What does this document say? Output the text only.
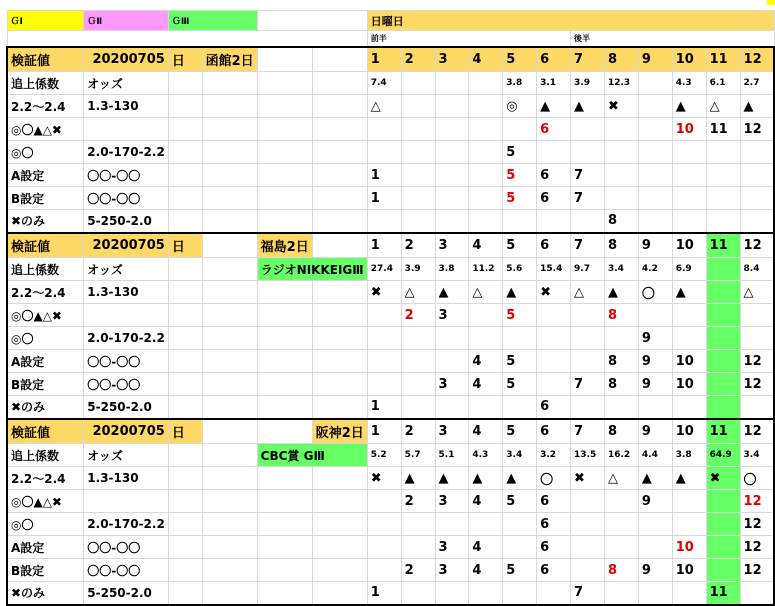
ＧⅠ	ＧⅡ	ＧⅢ				日曜日											
						前半						後半					
検証値	20200705	日	函館2日			1	2	3	4	5	6	7	8	9	10	11	12
追上係数	オッズ					7.4				3.8	3.1	3.9	12.3		4.3	6.1	2.7
2.2～2.4	1.3-130					△				◎	▲	▲	✖		▲	△	▲
◎〇▲△✖											6				10	11	12
◎〇	2.0-170-2.2									5							
A設定	〇〇-〇〇					1				5	6	7					
B設定	〇〇-〇〇					1				5	6	7					
✖のみ	5-250-2.0												8				
検証値	20200705	日		福島2日		1	2	3	4	5	6	7	8	9	10	11	12
追上係数	オッズ			ラジオNIKKEIGⅢ		27.4	3.9	3.8	11.2	5.6	15.4	9.7	3.4	4.2	6.9		8.4
2.2～2.4	1.3-130					✖	△	▲	△	▲	✖	△	▲	〇	▲		△
◎〇▲△✖							2	3		5			8				
◎〇	2.0-170-2.2													9			
A設定	〇〇-〇〇								4	5			8	9	10		12
B設定	〇〇-〇〇							3	4	5		7	8	9	10		12
✖のみ	5-250-2.0					1					6						
検証値	20200705	日			阪神2日	1	2	3	4	5	6	7	8	9	10	11	12
追上係数	オッズ			CBC賞 GⅢ		5.2	5.7	5.1	4.3	3.4	3.2	13.5	16.2	4.4	3.8	64.9	3.4
2.2～2.4	1.3-130					✖	▲	▲	▲	▲	〇	✖	△	▲	▲	✖	〇
◎〇▲△✖							2	3	4	5	6			9			12
◎〇	2.0-170-2.2										6						12
A設定	〇〇-〇〇							3	4		6				10		12
B設定	〇〇-〇〇						2	3	4	5	6		8	9	10		12
✖のみ	5-250-2.0					1						7				11	
